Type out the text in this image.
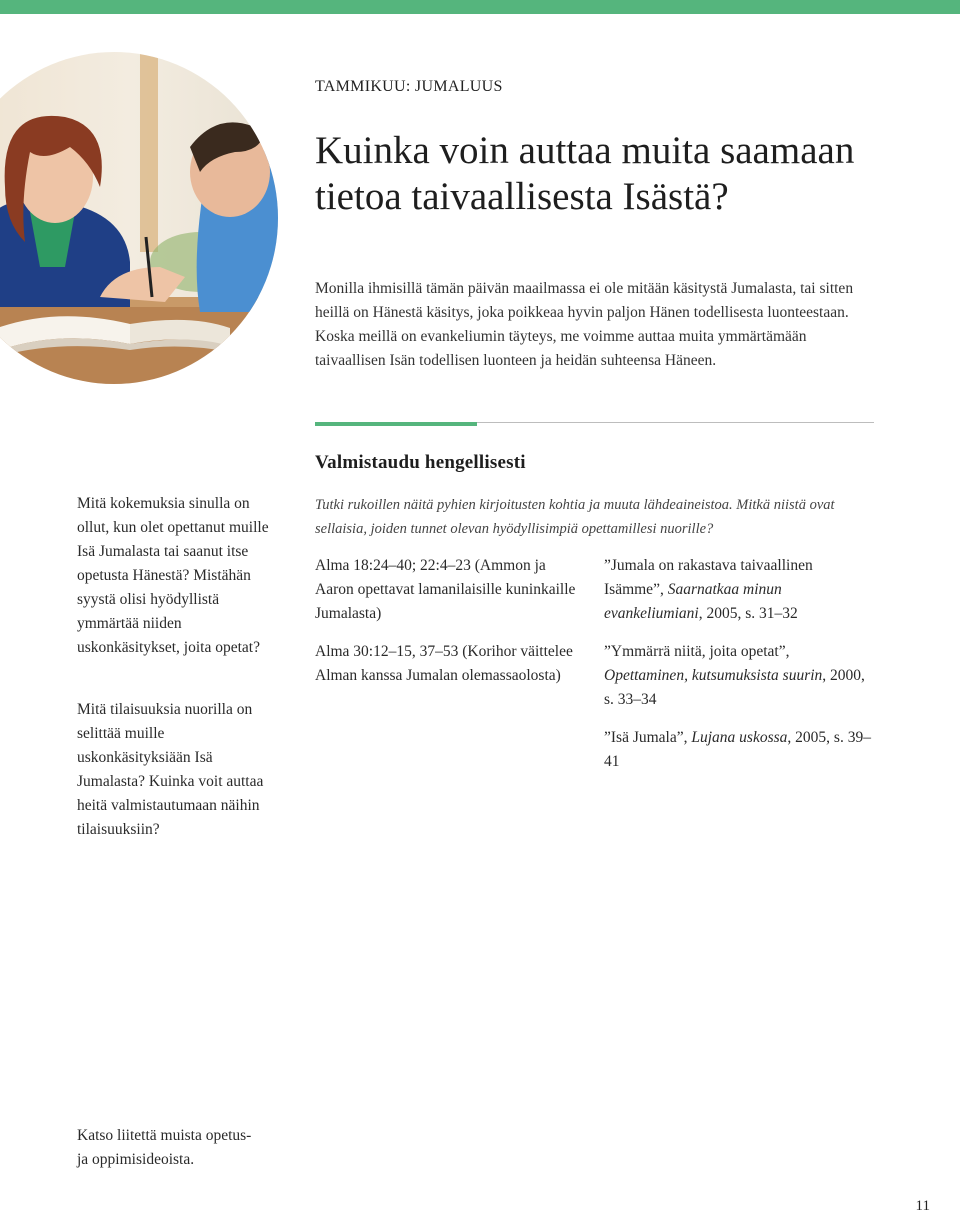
TAMMIKUU: JUMALUUS
Kuinka voin auttaa muita saamaan tietoa taivaallisesta Isästä?

Monilla ihmisillä tämän päivän maailmassa ei ole mitään käsitystä Jumalasta, tai sitten heillä on Hänestä käsitys, joka poikkeaa hyvin paljon Hänen todellisesta luonteestaan. Koska meillä on evankeliumin täyteys, me voimme auttaa muita ymmärtämään taivaallisen Isän todellisen luonteen ja heidän suhteensa Häneen.

Valmistaudu hengellisesti

Tutki rukoillen näitä pyhien kirjoitusten kohtia ja muuta lähdeaineistoa. Mitkä niistä ovat sellaisia, joiden tunnet olevan hyödyllisimpiä opettamillesi nuorille?

Mitä kokemuksia sinulla on ollut, kun olet opettanut muille Isä Jumalasta tai saanut itse opetusta Hänestä? Mistähän syystä olisi hyödyllistä ymmärtää niiden uskonkäsitykset, joita opetat?

Mitä tilaisuuksia nuorilla on selittää muille uskonkäsityksiään Isä Jumalasta? Kuinka voit auttaa heitä valmistautumaan näihin tilaisuuksiin?

Katso liitettä muista opetus- ja oppimisideoista.

Alma 18:24–40; 22:4–23 (Ammon ja Aaron opettavat lamanilaisille kuninkaille Jumalasta)

Alma 30:12–15, 37–53 (Korihor väittelee Alman kanssa Jumalan olemassaolosta)

”Jumala on rakastava taivaallinen Isämme”, Saarnatkaa minun evankeliumiani, 2005, s. 31–32

”Ymmärrä niitä, joita opetat”, Opettaminen, kutsumuksista suurin, 2000, s. 33–34

”Isä Jumala”, Lujana uskossa, 2005, s. 39–41

11
